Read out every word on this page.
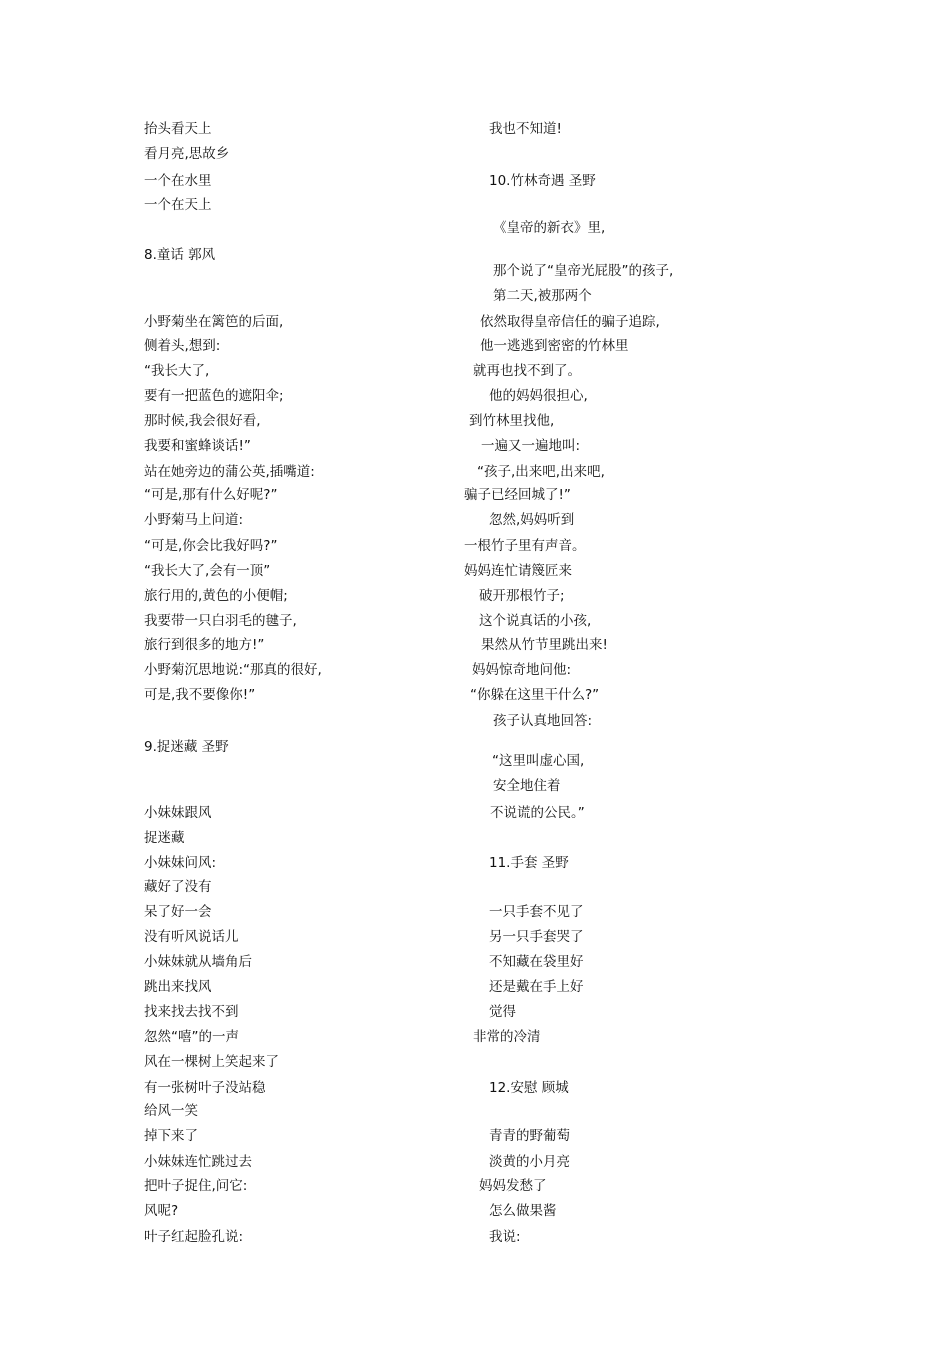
抬头看天上
看月亮,思故乡
一个在水里
一个在天上
8.童话 郭风
小野菊坐在篱笆的后面,
侧着头,想到:
“我长大了,
要有一把蓝色的遮阳伞;
那时候,我会很好看,
我要和蜜蜂谈话!”
站在她旁边的蒲公英,插嘴道:
“可是,那有什么好呢?”
小野菊马上问道:
“可是,你会比我好吗?”
“我长大了,会有一顶”
旅行用的,黄色的小便帽;
我要带一只白羽毛的毽子,
旅行到很多的地方!”
小野菊沉思地说:“那真的很好,
可是,我不要像你!”
9.捉迷藏 圣野
小妹妹跟风
捉迷藏
小妹妹问风:
藏好了没有
呆了好一会
没有听风说话儿
小妹妹就从墙角后
跳出来找风
找来找去找不到
忽然“嘻”的一声
风在一棵树上笑起来了
有一张树叶子没站稳
给风一笑
掉下来了
小妹妹连忙跳过去
把叶子捉住,问它:
风呢?
叶子红起脸孔说:
我也不知道!
10.竹林奇遇 圣野
《皇帝的新衣》里,
那个说了“皇帝光屁股”的孩子,
第二天,被那两个
依然取得皇帝信任的骗子追踪,
他一逃逃到密密的竹林里
就再也找不到了。
他的妈妈很担心,
到竹林里找他,
一遍又一遍地叫:
“孩子,出来吧,出来吧,
骗子已经回城了!”
忽然,妈妈听到
一根竹子里有声音。
妈妈连忙请篾匠来
破开那根竹子;
这个说真话的小孩,
果然从竹节里跳出来!
妈妈惊奇地问他:
“你躲在这里干什么?”
孩子认真地回答:
“这里叫虚心国,
安全地住着
不说谎的公民。”
11.手套 圣野
一只手套不见了
另一只手套哭了
不知藏在袋里好
还是戴在手上好
觉得
非常的冷清
12.安慰 顾城
青青的野葡萄
淡黄的小月亮
妈妈发愁了
怎么做果酱
我说:
